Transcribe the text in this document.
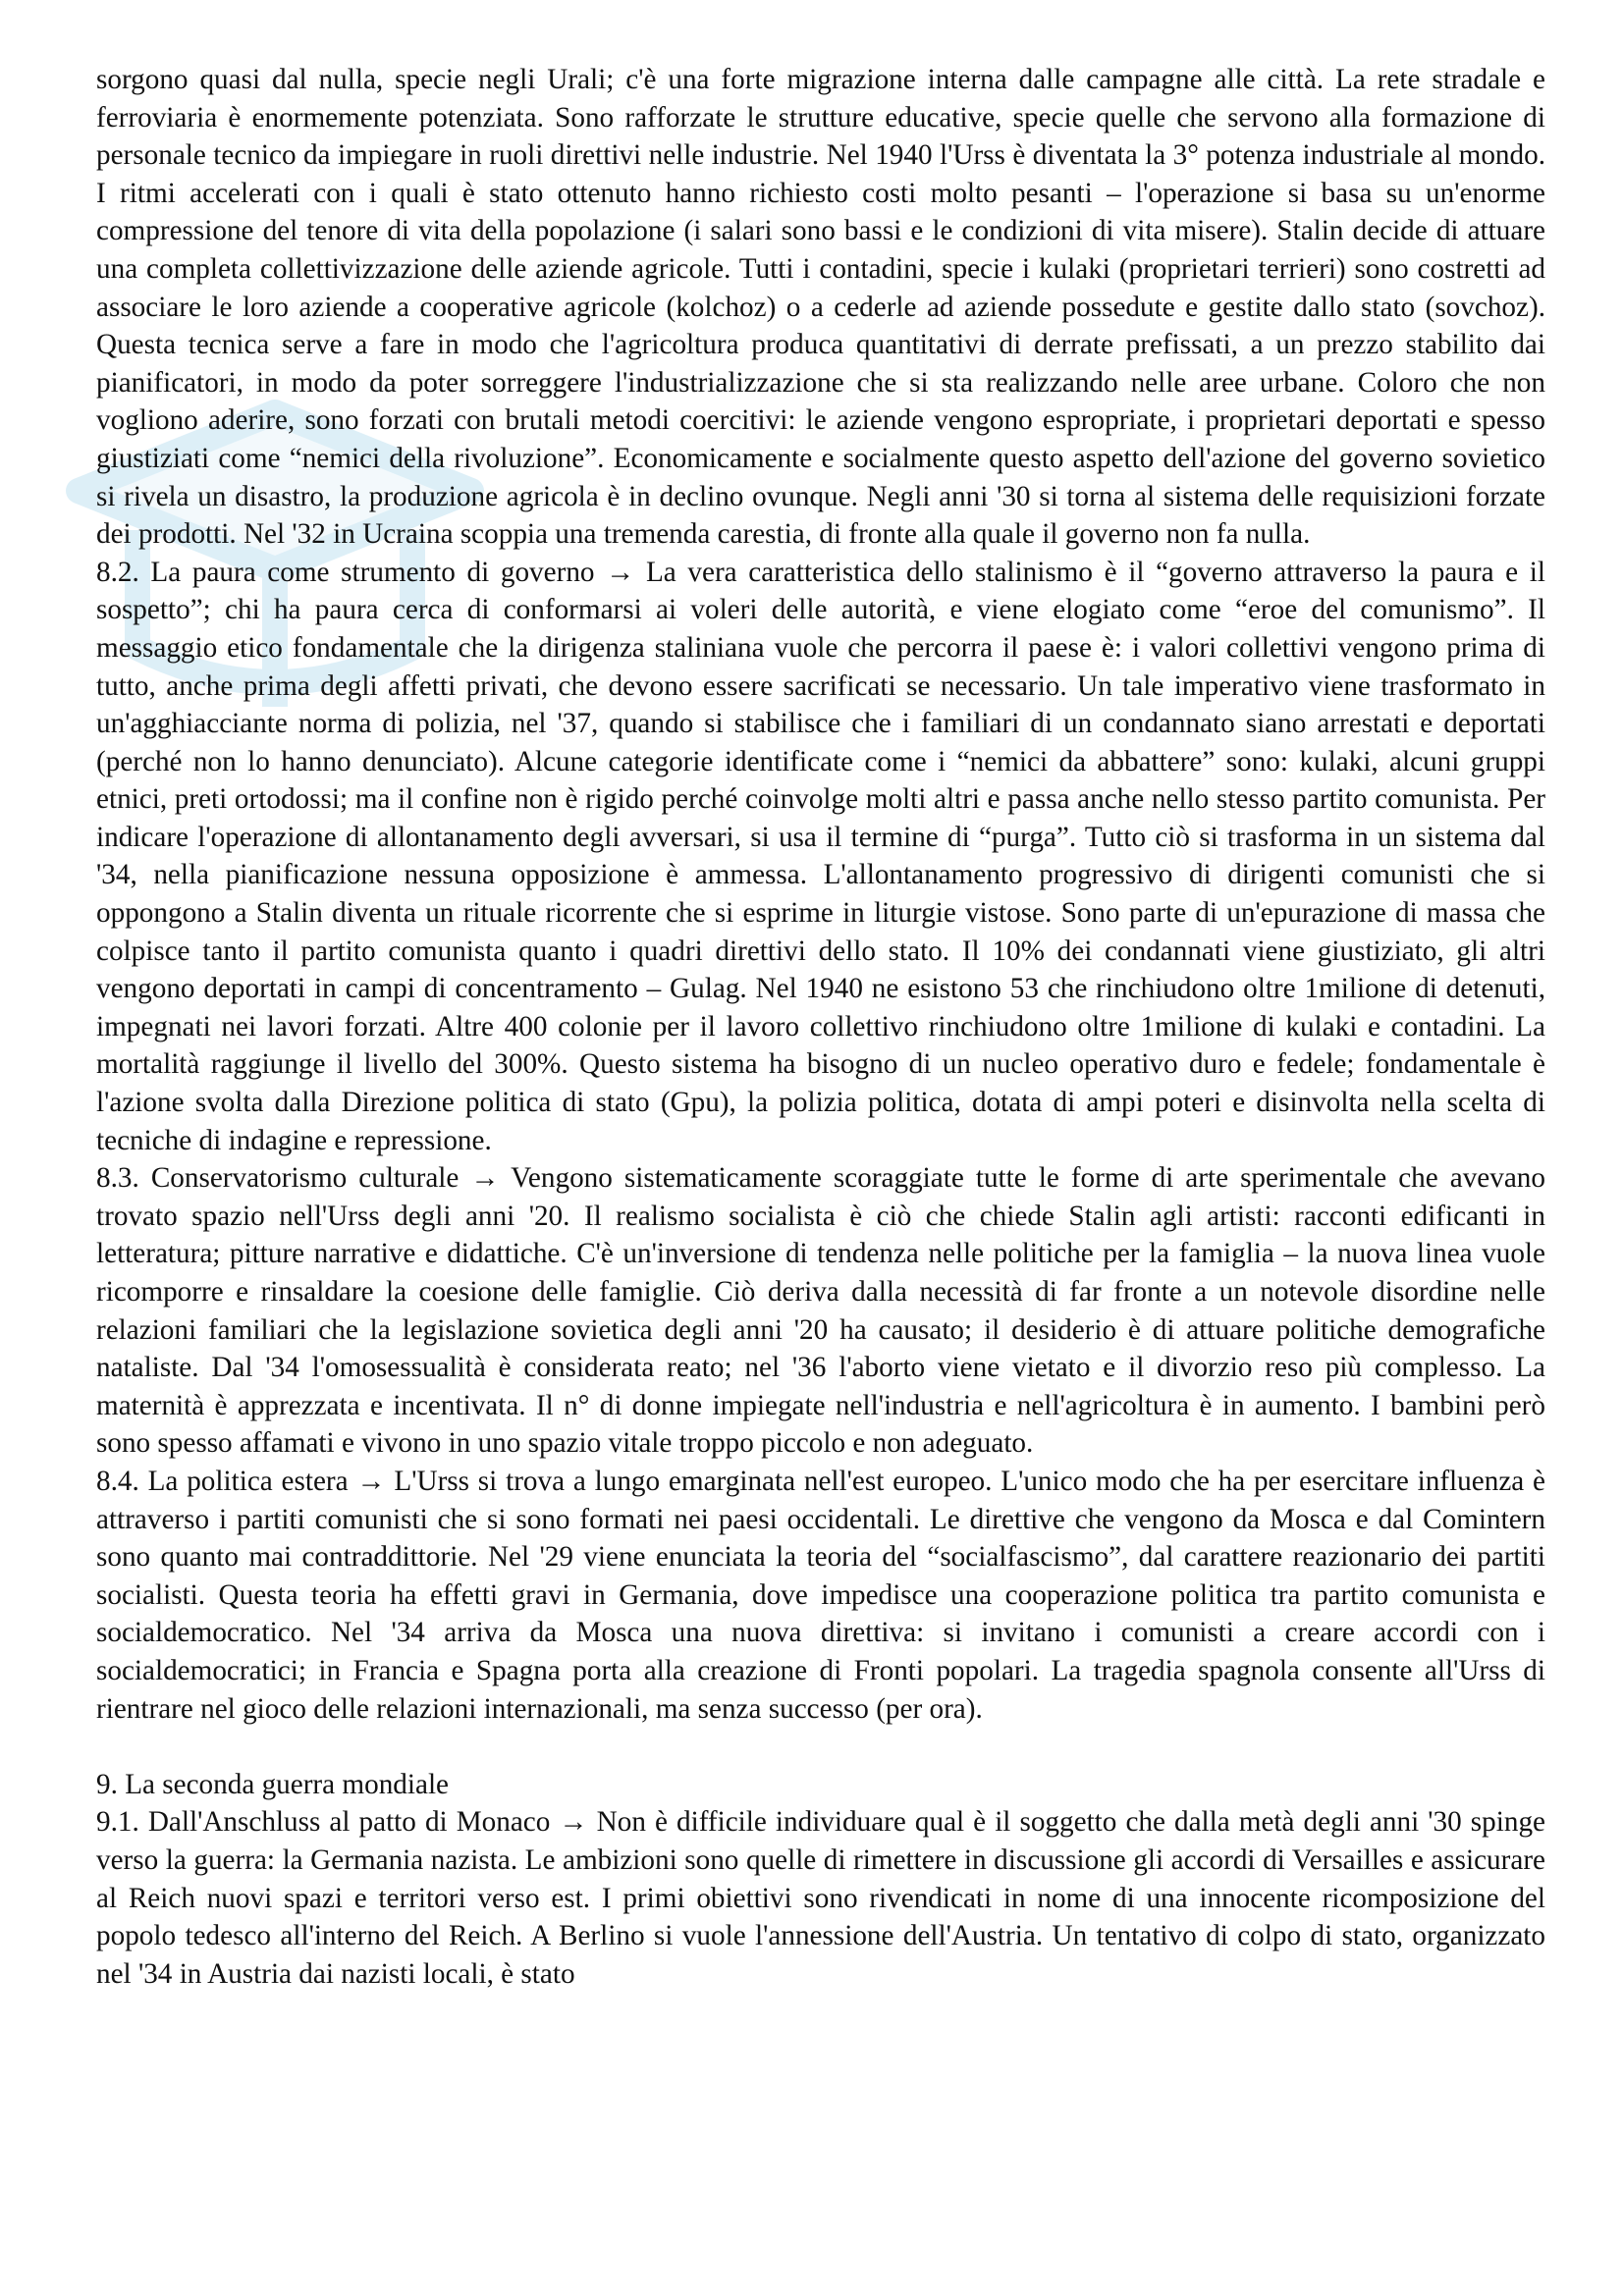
sorgono quasi dal nulla, specie negli Urali; c'è una forte migrazione interna dalle campagne alle città. La rete stradale e ferroviaria è enormemente potenziata. Sono rafforzate le strutture educative, specie quelle che servono alla formazione di personale tecnico da impiegare in ruoli direttivi nelle industrie. Nel 1940 l'Urss è diventata la 3° potenza industriale al mondo. I ritmi accelerati con i quali è stato ottenuto hanno richiesto costi molto pesanti – l'operazione si basa su un'enorme compressione del tenore di vita della popolazione (i salari sono bassi e le condizioni di vita misere). Stalin decide di attuare una completa collettivizzazione delle aziende agricole. Tutti i contadini, specie i kulaki (proprietari terrieri) sono costretti ad associare le loro aziende a cooperative agricole (kolchoz) o a cederle ad aziende possedute e gestite dallo stato (sovchoz). Questa tecnica serve a fare in modo che l'agricoltura produca quantitativi di derrate prefissati, a un prezzo stabilito dai pianificatori, in modo da poter sorreggere l'industrializzazione che si sta realizzando nelle aree urbane. Coloro che non vogliono aderire, sono forzati con brutali metodi coercitivi: le aziende vengono espropriate, i proprietari deportati e spesso giustiziati come “nemici della rivoluzione”. Economicamente e socialmente questo aspetto dell'azione del governo sovietico si rivela un disastro, la produzione agricola è in declino ovunque. Negli anni '30 si torna al sistema delle requisizioni forzate dei prodotti. Nel '32 in Ucraina scoppia una tremenda carestia, di fronte alla quale il governo non fa nulla.

8.2. La paura come strumento di governo → La vera caratteristica dello stalinismo è il “governo attraverso la paura e il sospetto”; chi ha paura cerca di conformarsi ai voleri delle autorità, e viene elogiato come “eroe del comunismo”. Il messaggio etico fondamentale che la dirigenza staliniana vuole che percorra il paese è: i valori collettivi vengono prima di tutto, anche prima degli affetti privati, che devono essere sacrificati se necessario. Un tale imperativo viene trasformato in un'agghiacciante norma di polizia, nel '37, quando si stabilisce che i familiari di un condannato siano arrestati e deportati (perché non lo hanno denunciato). Alcune categorie identificate come i “nemici da abbattere” sono: kulaki, alcuni gruppi etnici, preti ortodossi; ma il confine non è rigido perché coinvolge molti altri e passa anche nello stesso partito comunista. Per indicare l'operazione di allontanamento degli avversari, si usa il termine di “purga”. Tutto ciò si trasforma in un sistema dal '34, nella pianificazione nessuna opposizione è ammessa. L'allontanamento progressivo di dirigenti comunisti che si oppongono a Stalin diventa un rituale ricorrente che si esprime in liturgie vistose. Sono parte di un'epurazione di massa che colpisce tanto il partito comunista quanto i quadri direttivi dello stato. Il 10% dei condannati viene giustiziato, gli altri vengono deportati in campi di concentramento – Gulag. Nel 1940 ne esistono 53 che rinchiudono oltre 1milione di detenuti, impegnati nei lavori forzati. Altre 400 colonie per il lavoro collettivo rinchiudono oltre 1milione di kulaki e contadini. La mortalità raggiunge il livello del 300%. Questo sistema ha bisogno di un nucleo operativo duro e fedele; fondamentale è l'azione svolta dalla Direzione politica di stato (Gpu), la polizia politica, dotata di ampi poteri e disinvolta nella scelta di tecniche di indagine e repressione.

8.3. Conservatorismo culturale → Vengono sistematicamente scoraggiate tutte le forme di arte sperimentale che avevano trovato spazio nell'Urss degli anni '20. Il realismo socialista è ciò che chiede Stalin agli artisti: racconti edificanti in letteratura; pitture narrative e didattiche. C'è un'inversione di tendenza nelle politiche per la famiglia – la nuova linea vuole ricomporre e rinsaldare la coesione delle famiglie. Ciò deriva dalla necessità di far fronte a un notevole disordine nelle relazioni familiari che la legislazione sovietica degli anni '20 ha causato; il desiderio è di attuare politiche demografiche nataliste. Dal '34 l'omosessualità è considerata reato; nel '36 l'aborto viene vietato e il divorzio reso più complesso. La maternità è apprezzata e incentivata. Il n° di donne impiegate nell'industria e nell'agricoltura è in aumento. I bambini però sono spesso affamati e vivono in uno spazio vitale troppo piccolo e non adeguato.

8.4. La politica estera → L'Urss si trova a lungo emarginata nell'est europeo. L'unico modo che ha per esercitare influenza è attraverso i partiti comunisti che si sono formati nei paesi occidentali. Le direttive che vengono da Mosca e dal Comintern sono quanto mai contraddittorie. Nel '29 viene enunciata la teoria del “socialfascismo”, dal carattere reazionario dei partiti socialisti. Questa teoria ha effetti gravi in Germania, dove impedisce una cooperazione politica tra partito comunista e socialdemocratico. Nel '34 arriva da Mosca una nuova direttiva: si invitano i comunisti a creare accordi con i socialdemocratici; in Francia e Spagna porta alla creazione di Fronti popolari. La tragedia spagnola consente all'Urss di rientrare nel gioco delle relazioni internazionali, ma senza successo (per ora).

9. La seconda guerra mondiale

9.1. Dall'Anschluss al patto di Monaco → Non è difficile individuare qual è il soggetto che dalla metà degli anni '30 spinge verso la guerra: la Germania nazista. Le ambizioni sono quelle di rimettere in discussione gli accordi di Versailles e assicurare al Reich nuovi spazi e territori verso est. I primi obiettivi sono rivendicati in nome di una innocente ricomposizione del popolo tedesco all'interno del Reich. A Berlino si vuole l'annessione dell'Austria. Un tentativo di colpo di stato, organizzato nel '34 in Austria dai nazisti locali, è stato
